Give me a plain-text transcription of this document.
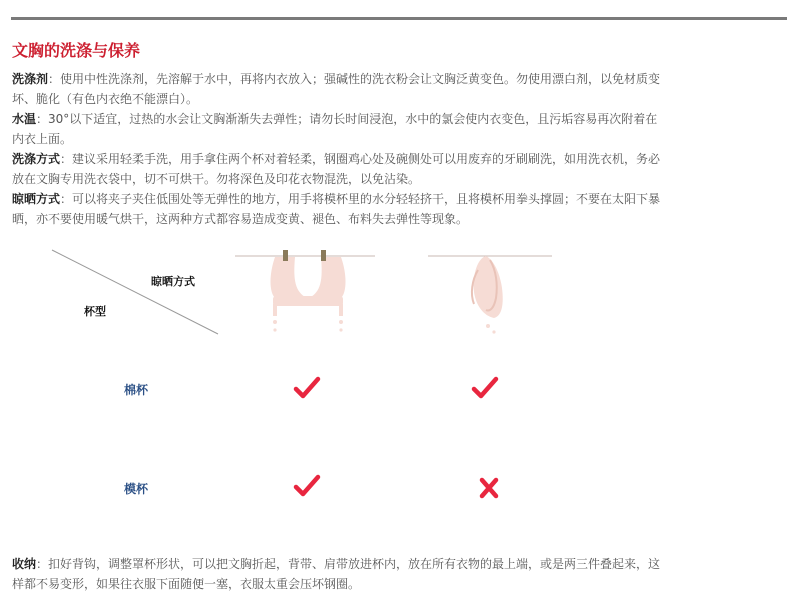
文胸的洗涤与保养

洗涤剂：使用中性洗涤剂，先溶解于水中，再将内衣放入；强碱性的洗衣粉会让文胸泛黄变色。勿使用漂白剂，以免材质变坏、脆化（有色内衣绝不能漂白）。

水温：30°以下适宜，过热的水会让文胸渐渐失去弹性；请勿长时间浸泡，水中的氯会使内衣变色，且污垢容易再次附着在内衣上面。

洗涤方式：建议采用轻柔手洗，用手拿住两个杯对着轻柔，钢圈鸡心处及碗侧处可以用废弃的牙刷刷洗，如用洗衣机，务必放在文胸专用洗衣袋中，切不可烘干。勿将深色及印花衣物混洗，以免沾染。

晾晒方式：可以将夹子夹住低围处等无弹性的地方，用手将模杯里的水分轻轻挤干，且将模杯用拳头撑圆；不要在太阳下暴晒，亦不要使用暖气烘干，这两种方式都容易造成变黄、褪色、布料失去弹性等现象。

晾晒方式
杯型
棉杯
模杯

收纳：扣好背钩，调整罩杯形状，可以把文胸折起，背带、肩带放进杯内，放在所有衣物的最上端，或是两三件叠起来，这样都不易变形，如果往衣服下面随便一塞，衣服太重会压坏钢圈。
